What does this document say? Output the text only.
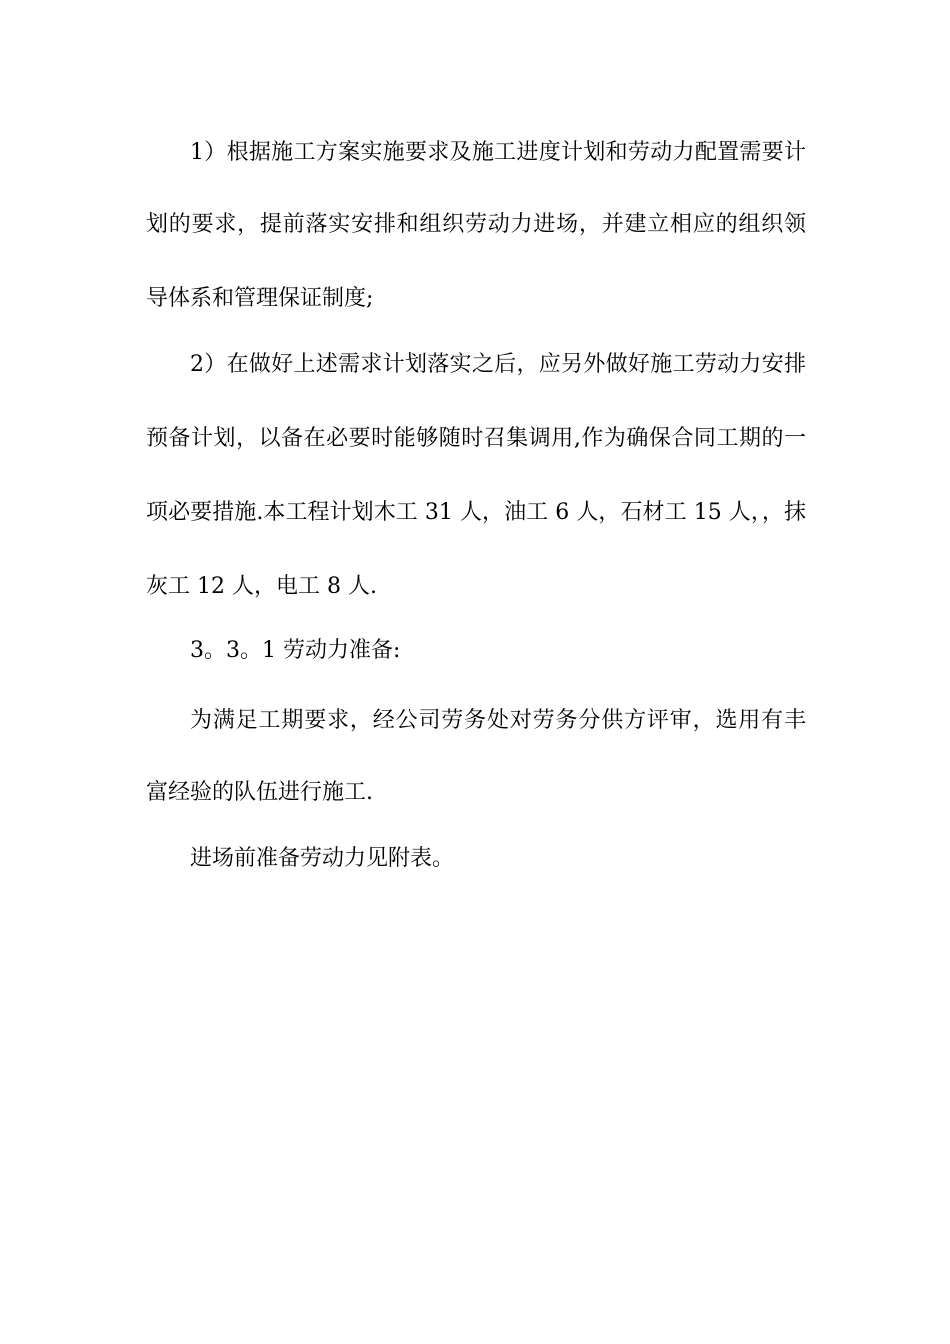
1）根据施工方案实施要求及施工进度计划和劳动力配置需要计
划的要求，提前落实安排和组织劳动力进场，并建立相应的组织领
导体系和管理保证制度;
2）在做好上述需求计划落实之后，应另外做好施工劳动力安排
预备计划，以备在必要时能够随时召集调用,作为确保合同工期的一
项必要措施.本工程计划木工 31 人，油工 6 人，石材工 15 人，，抹
灰工 12 人，电工 8 人.
3。3。1 劳动力准备:
为满足工期要求，经公司劳务处对劳务分供方评审，选用有丰
富经验的队伍进行施工.
进场前准备劳动力见附表。
